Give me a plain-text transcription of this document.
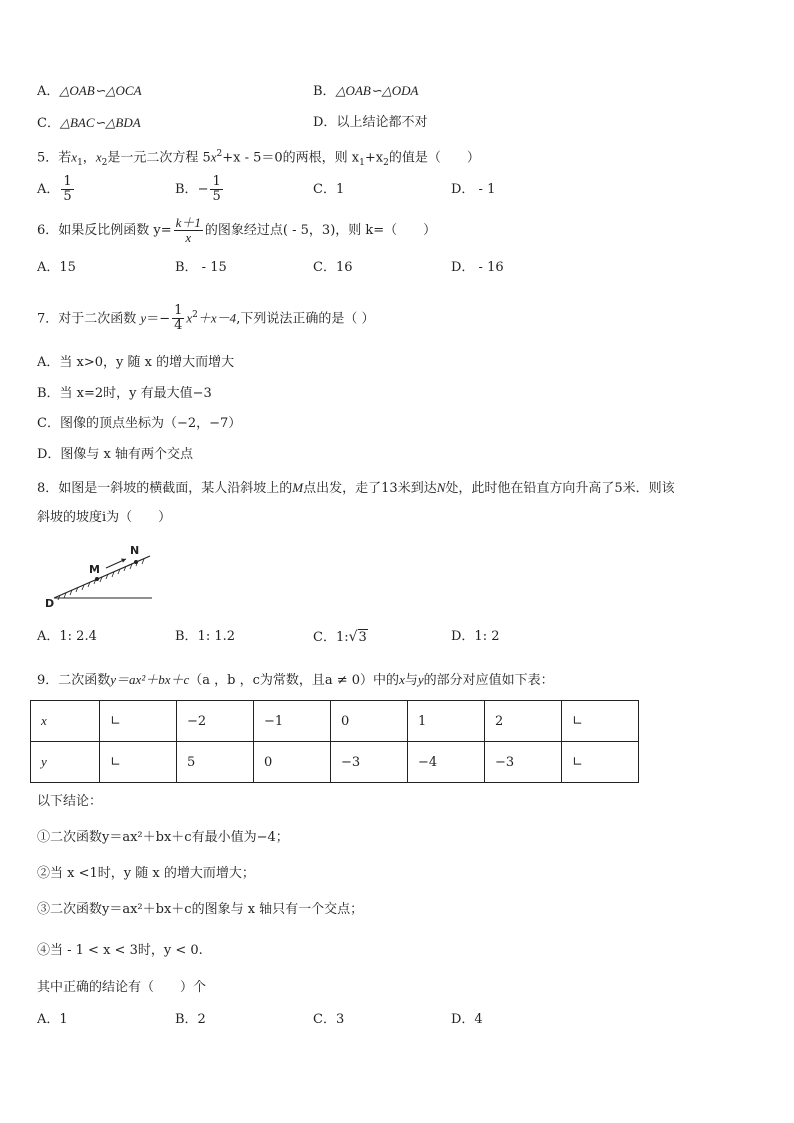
A．△OAB∽△OCA	B．△OAB∽△ODA
C．△BAC∽△BDA	D．以上结论都不对
5．若$x_1$，$x_2$是一元二次方程 $5x^2+x - 5=0$的两根，则 $x_1+x_2$的值是（　　）
A． $\frac{1}{5}$	B．− $\frac{1}{5}$	C．1	D． - 1
6．如果反比例函数 $y= \frac{k+1}{x}$ 的图象经过点( - 5，3)，则 k=（　　）
A．15	B． - 15	C．16	D． - 16
7．对于二次函数 $y=- \frac{1}{4} x^2+x-4$,下列说法正确的是（ ）
A．当 x>0，y 随 x 的增大而增大
B．当 x=2时，y 有最大值−3
C．图像的顶点坐标为（−2，−7）
D．图像与 x 轴有两个交点
8．如图是一斜坡的横截面，某人沿斜坡上的M点出发，走了13米到达N处，此时他在铅直方向升高了5米．则该
斜坡的坡度i为（　　）
M
N
D
A．1: 2.4	B．1: 1.2	C．1:√3	D．1: 2
9．二次函数y＝ax²＋bx＋c（a ，b ，c为常数，且a ≠ 0）中的x与y的部分对应值如下表：
x	∟	−2	−1	0	1	2	∟
y	∟	5	0	−3	−4	−3	∟
以下结论：
①二次函数y＝ax²＋bx＋c有最小值为−4；
②当 x <1时，y 随 x 的增大而增大；
③二次函数y＝ax²＋bx＋c的图象与 x 轴只有一个交点；
④当 - 1 < x < 3时，y < 0.
其中正确的结论有（　　）个
A．1	B．2	C．3	D．4
